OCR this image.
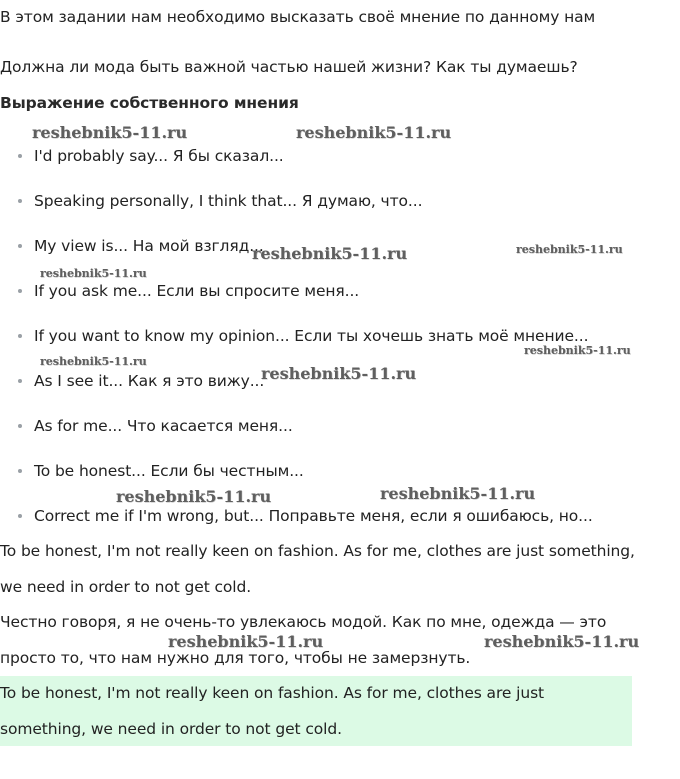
В этом задании нам необходимо высказать своё мнение по данному нам
Должна ли мода быть важной частью нашей жизни? Как ты думаешь?
Выражение собственного мнения
I'd probably say... Я бы сказал...
Speaking personally, I think that... Я думаю, что...
My view is... На мой взгляд...
If you ask me... Если вы спросите меня...
If you want to know my opinion... Если ты хочешь знать моё мнение...
As I see it... Как я это вижу...
As for me... Что касается меня...
To be honest... Если бы честным...
Correct me if I'm wrong, but... Поправьте меня, если я ошибаюсь, но...
To be honest, I'm not really keen on fashion. As for me, clothes are just something,
we need in order to not get cold.
Честно говоря, я не очень-то увлекаюсь модой. Как по мне, одежда — это
просто то, что нам нужно для того, чтобы не замерзнуть.
To be honest, I'm not really keen on fashion. As for me, clothes are just
something, we need in order to not get cold.
reshebnik5-11.ru	reshebnik5-11.ru
reshebnik5-11.ru	reshebnik5-11.ru
reshebnik5-11.ru
reshebnik5-11.ru
reshebnik5-11.ru
reshebnik5-11.ru
reshebnik5-11.ru	reshebnik5-11.ru
reshebnik5-11.ru	reshebnik5-11.ru
